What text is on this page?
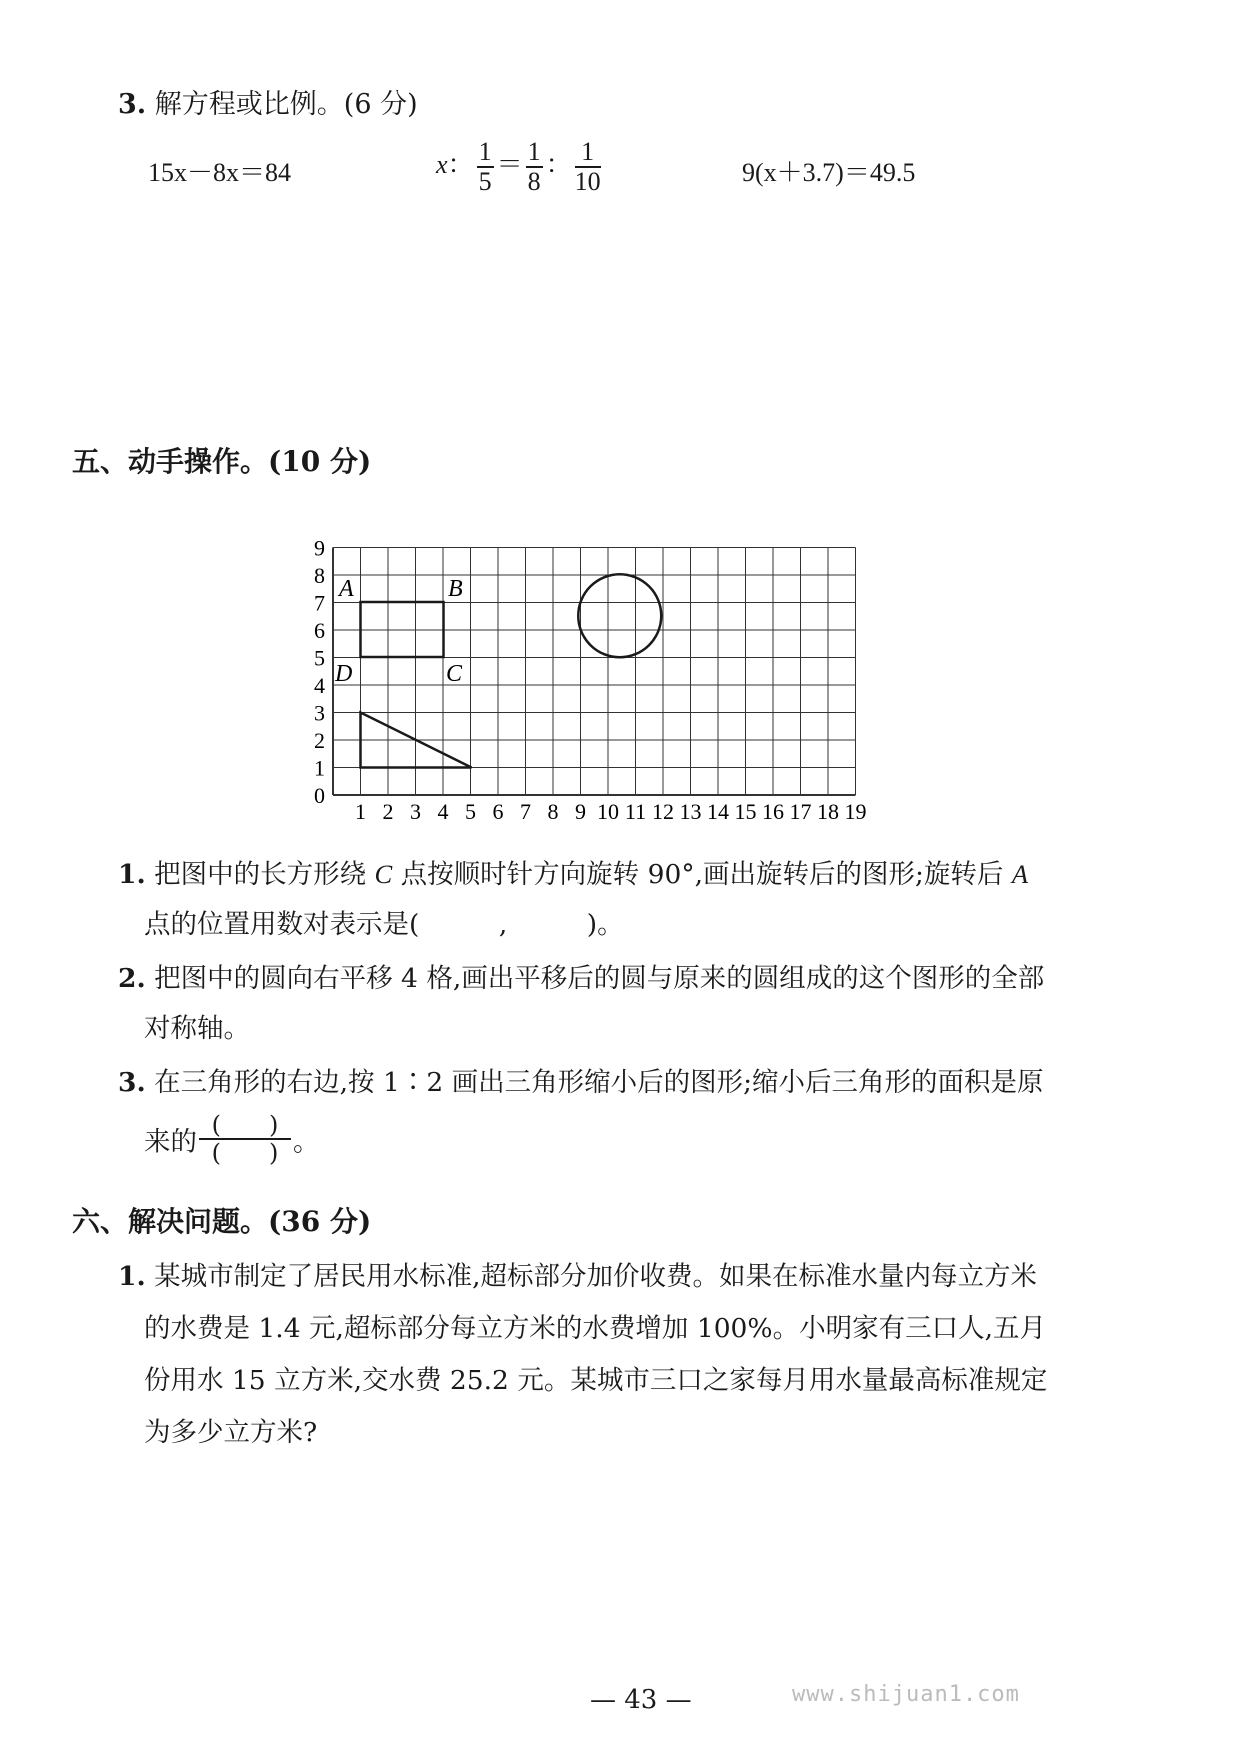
3. 解方程或比例。(6 分)
15x－8x＝84	x： $\frac{1}{5} = \frac{1}{8}$ ： $\frac{1}{10}$	9(x＋3.7)＝49.5
五、动手操作。(10 分)
1 2 3 4 5 6 7 8 9 10 11 12 13 14 15 16 17 18 19
0
1
2
3
4
5
6
7
8
9
A	B
C
D
1. 把图中的长方形绕 C 点按顺时针方向旋转 90°,画出旋转后的图形;旋转后 A
点的位置用数对表示是(　　　,　　　)。
2. 把图中的圆向右平移 4 格,画出平移后的圆与原来的圆组成的这个图形的全部
对称轴。
3. 在三角形的右边,按 1∶2 画出三角形缩小后的图形;缩小后三角形的面积是原
来的 $\frac{( )}{( )}$ 。
六、解决问题。(36 分)
1. 某城市制定了居民用水标准,超标部分加价收费。如果在标准水量内每立方米
的水费是 1.4 元,超标部分每立方米的水费增加 100%。小明家有三口人,五月
份用水 15 立方米,交水费 25.2 元。某城市三口之家每月用水量最高标准规定
为多少立方米?
— 43 —	www.shijuan1.com
